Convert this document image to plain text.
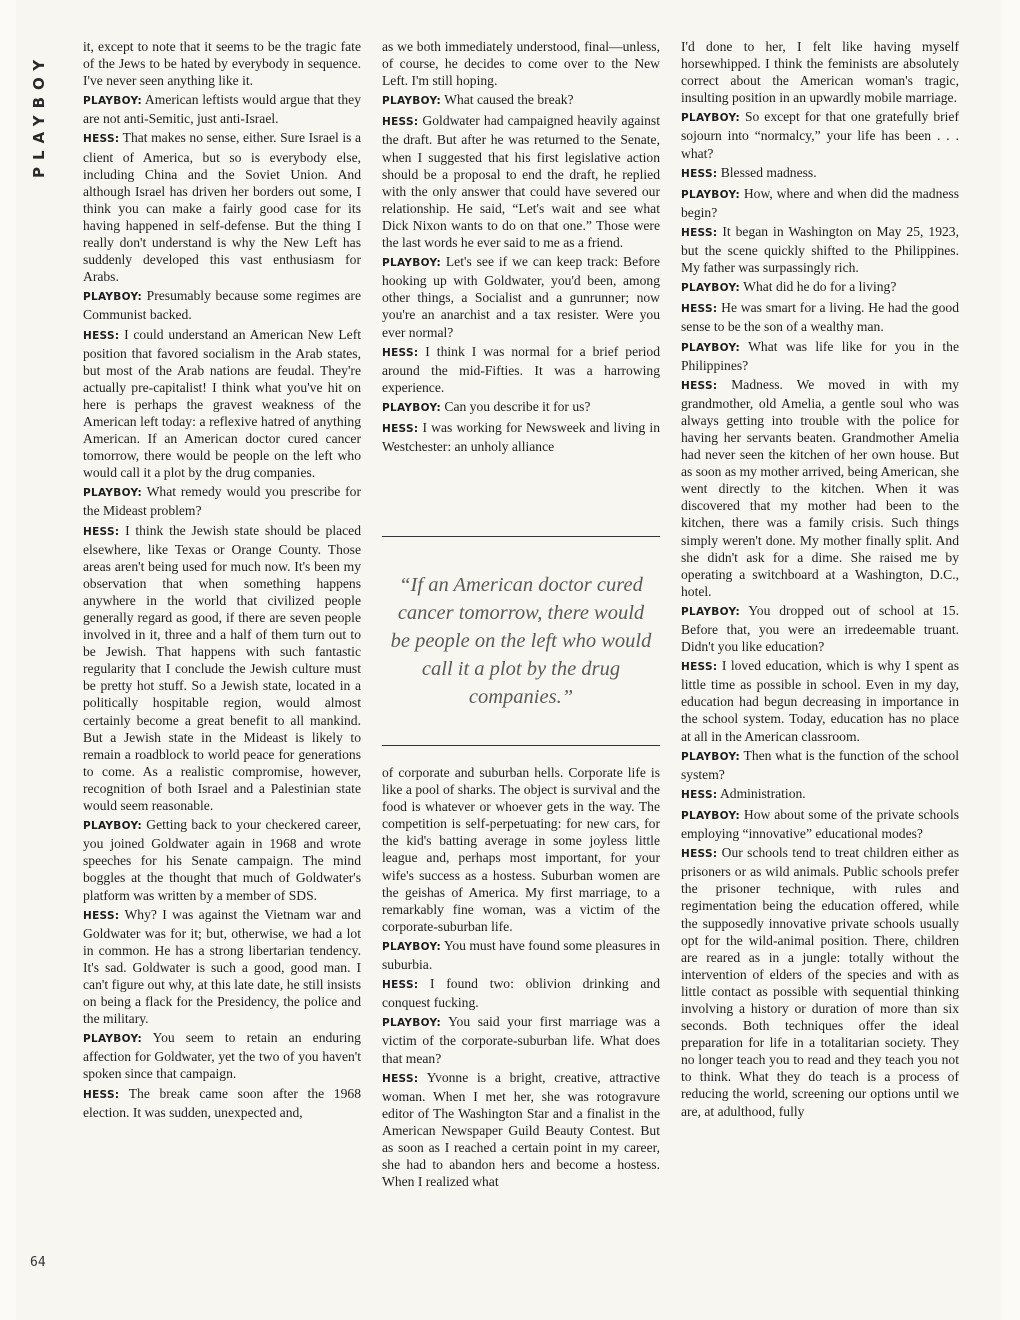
PLAYBOY

it, except to note that it seems to be the tragic fate of the Jews to be hated by everybody in sequence. I've never seen anything like it.

PLAYBOY: American leftists would argue that they are not anti-Semitic, just anti-Israel.

HESS: That makes no sense, either. Sure Israel is a client of America, but so is everybody else, including China and the Soviet Union. And although Israel has driven her borders out some, I think you can make a fairly good case for its having happened in self-defense. But the thing I really don't understand is why the New Left has suddenly developed this vast enthusiasm for Arabs.

PLAYBOY: Presumably because some regimes are Communist backed.

HESS: I could understand an American New Left position that favored socialism in the Arab states, but most of the Arab nations are feudal. They're actually pre-capitalist! I think what you've hit on here is perhaps the gravest weakness of the American left today: a reflexive hatred of anything American. If an American doctor cured cancer tomorrow, there would be people on the left who would call it a plot by the drug companies.

PLAYBOY: What remedy would you prescribe for the Mideast problem?

HESS: I think the Jewish state should be placed elsewhere, like Texas or Orange County. Those areas aren't being used for much now. It's been my observation that when something happens anywhere in the world that civilized people generally regard as good, if there are seven people involved in it, three and a half of them turn out to be Jewish. That happens with such fantastic regularity that I conclude the Jewish culture must be pretty hot stuff. So a Jewish state, located in a politically hospitable region, would almost certainly become a great benefit to all mankind. But a Jewish state in the Mideast is likely to remain a roadblock to world peace for generations to come. As a realistic compromise, however, recognition of both Israel and a Palestinian state would seem reasonable.

PLAYBOY: Getting back to your checkered career, you joined Goldwater again in 1968 and wrote speeches for his Senate campaign. The mind boggles at the thought that much of Goldwater's platform was written by a member of SDS.

HESS: Why? I was against the Vietnam war and Goldwater was for it; but, otherwise, we had a lot in common. He has a strong libertarian tendency. It's sad. Goldwater is such a good, good man. I can't figure out why, at this late date, he still insists on being a flack for the Presidency, the police and the military.

PLAYBOY: You seem to retain an enduring affection for Goldwater, yet the two of you haven't spoken since that campaign.

HESS: The break came soon after the 1968 election. It was sudden, unexpected and,

as we both immediately understood, final—unless, of course, he decides to come over to the New Left. I'm still hoping.

PLAYBOY: What caused the break?

HESS: Goldwater had campaigned heavily against the draft. But after he was returned to the Senate, when I suggested that his first legislative action should be a proposal to end the draft, he replied with the only answer that could have severed our relationship. He said, “Let's wait and see what Dick Nixon wants to do on that one.” Those were the last words he ever said to me as a friend.

PLAYBOY: Let's see if we can keep track: Before hooking up with Goldwater, you'd been, among other things, a Socialist and a gunrunner; now you're an anarchist and a tax resister. Were you ever normal?

HESS: I think I was normal for a brief period around the mid-Fifties. It was a harrowing experience.

PLAYBOY: Can you describe it for us?

HESS: I was working for Newsweek and living in Westchester: an unholy alliance

“If an American doctor cured cancer tomorrow, there would be people on the left who would call it a plot by the drug companies.”

of corporate and suburban hells. Corporate life is like a pool of sharks. The object is survival and the food is whatever or whoever gets in the way. The competition is self-perpetuating: for new cars, for the kid's batting average in some joyless little league and, perhaps most important, for your wife's success as a hostess. Suburban women are the geishas of America. My first marriage, to a remarkably fine woman, was a victim of the corporate-suburban life.

PLAYBOY: You must have found some pleasures in suburbia.

HESS: I found two: oblivion drinking and conquest fucking.

PLAYBOY: You said your first marriage was a victim of the corporate-suburban life. What does that mean?

HESS: Yvonne is a bright, creative, attractive woman. When I met her, she was rotogravure editor of The Washington Star and a finalist in the American Newspaper Guild Beauty Contest. But as soon as I reached a certain point in my career, she had to abandon hers and become a hostess. When I realized what

I'd done to her, I felt like having myself horsewhipped. I think the feminists are absolutely correct about the American woman's tragic, insulting position in an upwardly mobile marriage.

PLAYBOY: So except for that one gratefully brief sojourn into “normalcy,” your life has been . . . what?

HESS: Blessed madness.

PLAYBOY: How, where and when did the madness begin?

HESS: It began in Washington on May 25, 1923, but the scene quickly shifted to the Philippines. My father was surpassingly rich.

PLAYBOY: What did he do for a living?

HESS: He was smart for a living. He had the good sense to be the son of a wealthy man.

PLAYBOY: What was life like for you in the Philippines?

HESS: Madness. We moved in with my grandmother, old Amelia, a gentle soul who was always getting into trouble with the police for having her servants beaten. Grandmother Amelia had never seen the kitchen of her own house. But as soon as my mother arrived, being American, she went directly to the kitchen. When it was discovered that my mother had been to the kitchen, there was a family crisis. Such things simply weren't done. My mother finally split. And she didn't ask for a dime. She raised me by operating a switchboard at a Washington, D.C., hotel.

PLAYBOY: You dropped out of school at 15. Before that, you were an irredeemable truant. Didn't you like education?

HESS: I loved education, which is why I spent as little time as possible in school. Even in my day, education had begun decreasing in importance in the school system. Today, education has no place at all in the American classroom.

PLAYBOY: Then what is the function of the school system?

HESS: Administration.

PLAYBOY: How about some of the private schools employing “innovative” educational modes?

HESS: Our schools tend to treat children either as prisoners or as wild animals. Public schools prefer the prisoner technique, with rules and regimentation being the education offered, while the supposedly innovative private schools usually opt for the wild-animal position. There, children are reared as in a jungle: totally without the intervention of elders of the species and with as little contact as possible with sequential thinking involving a history or duration of more than six seconds. Both techniques offer the ideal preparation for life in a totalitarian society. They no longer teach you to read and they teach you not to think. What they do teach is a process of reducing the world, screening our options until we are, at adulthood, fully

64
